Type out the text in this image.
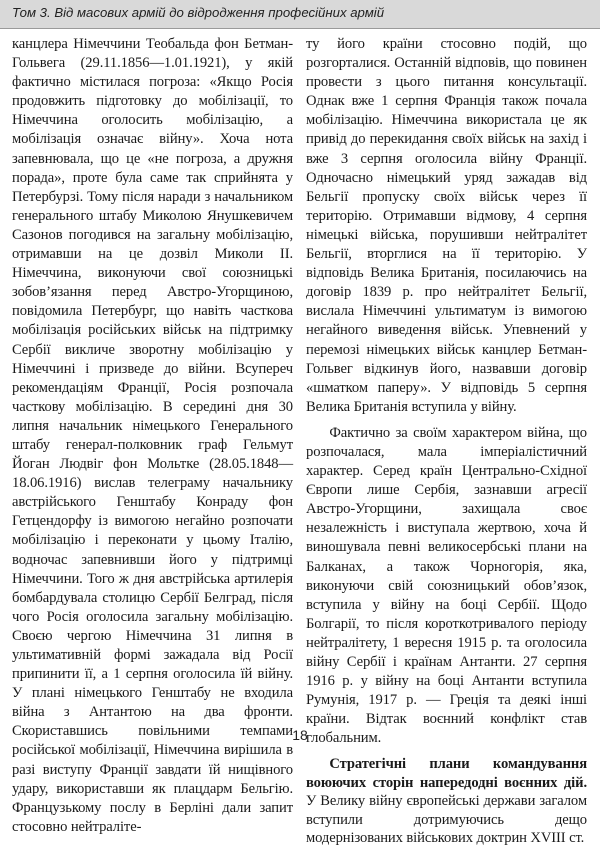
Том 3. Від масових армій до відродження професійних армій

канцлера Німеччини Теобальда фон Бетман-Гольвега (29.11.1856—1.01.1921), у якій фактично містилася погроза: «Якщо Росія продовжить підготовку до мобілізації, то Німеччина оголосить мобілізацію, а мобілізація означає війну». Хоча нота запевнювала, що це «не погроза, а дружня порада», проте була саме так сприйнята у Петербурзі. Тому після наради з начальником генерального штабу Миколою Янушкевичем Сазонов погодився на загальну мобілізацію, отримавши на це дозвіл Миколи II. Німеччина, виконуючи свої союзницькі зобов’язання перед Австро-Угорщиною, повідомила Петербург, що навіть часткова мобілізація російських військ на підтримку Сербії викличе зворотну мобілізацію у Німеччині і призведе до війни. Всупереч рекомендаціям Франції, Росія розпочала часткову мобілізацію. В середині дня 30 липня начальник німецького Генерального штабу генерал-полковник граф Гельмут Йоган Людвіг фон Мольтке (28.05.1848—18.06.1916) вислав телеграму начальнику австрійського Генштабу Конраду фон Гетцендорфу із вимогою негайно розпочати мобілізацію і переконати у цьому Італію, водночас запевнивши його у підтримці Німеччини. Того ж дня австрійська артилерія бомбардувала столицю Сербії Белград, після чого Росія оголосила загальну мобілізацію. Своєю чергою Німеччина 31 липня в ультимативній формі зажадала від Росії припинити її, а 1 серпня оголосила їй війну. У плані німецького Генштабу не входила війна з Антантою на два фронти. Скориставшись повільними темпами російської мобілізації, Німеччина вирішила в разі виступу Франції завдати їй нищівного удару, використавши як плацдарм Бельгію. Французькому послу в Берліні дали запит стосовно нейтраліте-

ту його країни стосовно подій, що розгорталися. Останній відповів, що повинен провести з цього питання консультації. Однак вже 1 серпня Франція також почала мобілізацію. Німеччина використала це як привід до перекидання своїх військ на захід і вже 3 серпня оголосила війну Франції. Одночасно німецький уряд зажадав від Бельгії пропуску своїх військ через її територію. Отримавши відмову, 4 серпня німецькі війська, порушивши нейтралітет Бельгії, вторглися на її територію. У відповідь Велика Британія, посилаючись на договір 1839 р. про нейтралітет Бельгії, вислала Німеччині ультиматум із вимогою негайного виведення військ. Упевнений у перемозі німецьких військ канцлер Бетман-Гольвег відкинув його, назвавши договір «шматком паперу». У відповідь 5 серпня Велика Британія вступила у війну.

Фактично за своїм характером війна, що розпочалася, мала імперіалістичний характер. Серед країн Центрально-Східної Європи лише Сербія, зазнавши агресії Австро-Угорщини, захищала своє незалежність і виступала жертвою, хоча й виношувала певні великосербські плани на Балканах, а також Чорногорія, яка, виконуючи свій союзницький обов’язок, вступила у війну на боці Сербії. Щодо Болгарії, то після короткотривалого періоду нейтралітету, 1 вересня 1915 р. та оголосила війну Сербії і країнам Антанти. 27 серпня 1916 р. у війну на боці Антанти вступила Румунія, 1917 р. — Греція та деякі інші країни. Відтак воєнний конфлікт став глобальним.

Стратегічні плани командування воюючих сторін напередодні воєнних дій. У Велику війну європейські держави загалом вступили дотримуючись дещо модернізованих військових доктрин XVIII ст.

18
